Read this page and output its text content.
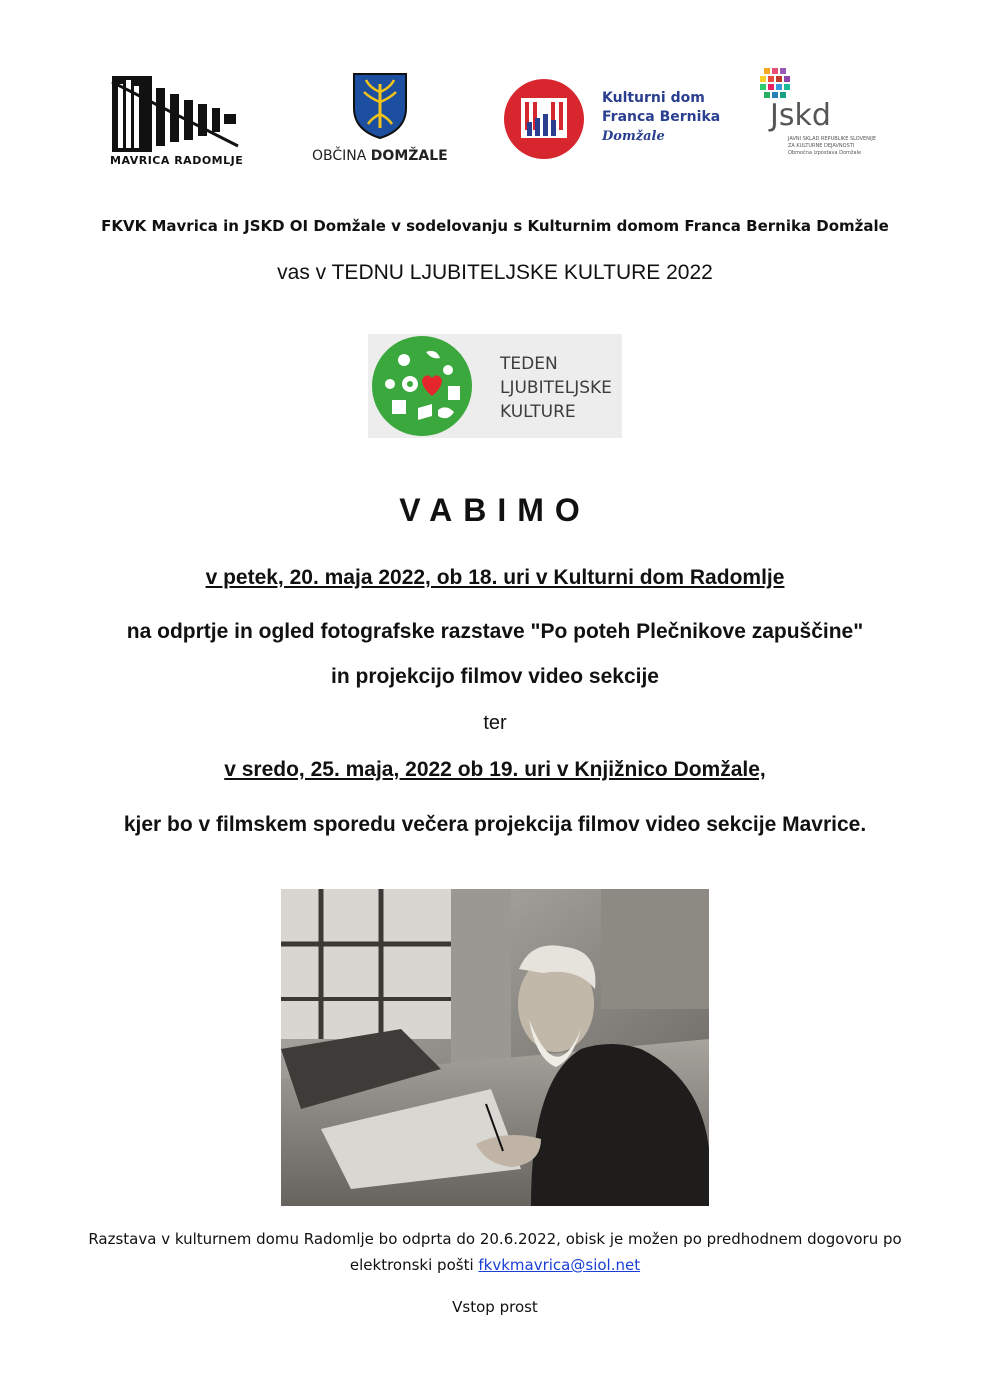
MAVRICA RADOMLJE	OBČINA DOMŽALE
Kulturni dom
Franca Bernika
Domžale
Jskd
JAVNI SKLAD REPUBLIKE SLOVENIJE
ZA KULTURNE DEJAVNOSTI
Območna izpostava Domžale
FKVK Mavrica in JSKD OI Domžale v sodelovanju s Kulturnim domom Franca Bernika Domžale
vas v TEDNU LJUBITELJSKE KULTURE 2022
TEDEN
LJUBITELJSKE
KULTURE
VABIMO
v petek, 20. maja 2022, ob 18. uri v Kulturni dom Radomlje
na odprtje in ogled fotografske razstave "Po poteh Plečnikove zapuščine"
in projekcijo filmov video sekcije
ter
v sredo, 25. maja, 2022 ob 19. uri v Knjižnico Domžale,
kjer bo v filmskem sporedu večera projekcija filmov video sekcije Mavrice.
Razstava v kulturnem domu Radomlje bo odprta do 20.6.2022, obisk je možen po predhodnem dogovoru po
elektronski pošti fkvkmavrica@siol.net
Vstop prost
